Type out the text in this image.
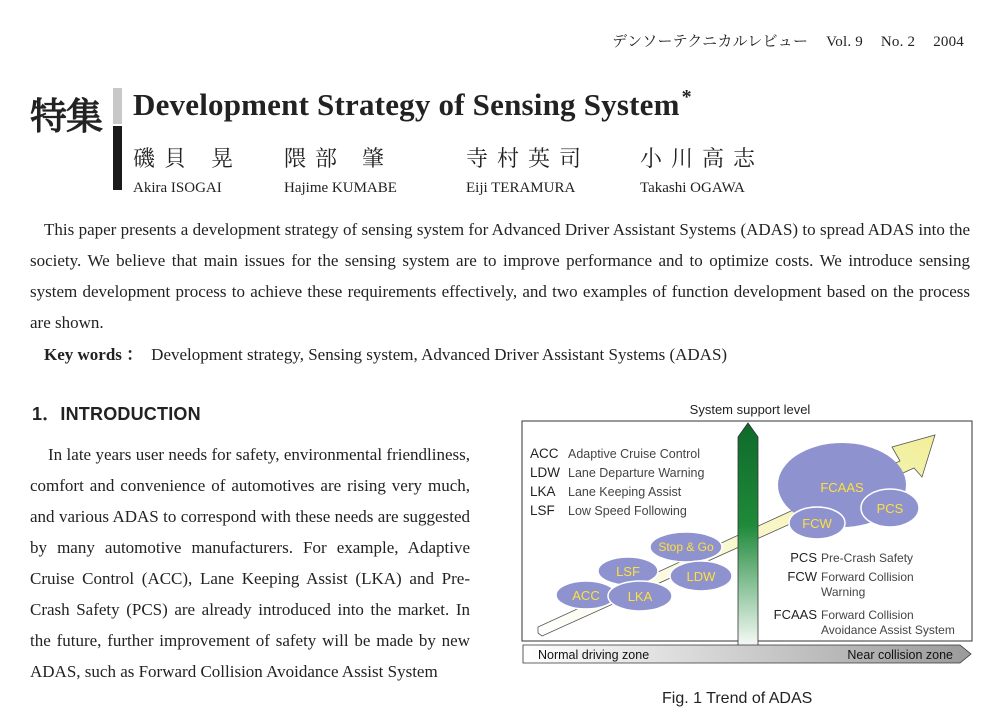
デンソーテクニカルレビュー Vol. 9 No. 2 2004
特集 Development Strategy of Sensing System *
磯貝 晃
Akira ISOGAI
隈部 肇
Hajime KUMABE
寺村英司
Eiji TERAMURA
小川高志
Takashi OGAWA
This paper presents a development strategy of sensing system for Advanced Driver Assistant Systems (ADAS) to spread ADAS into the society. We believe that main issues for the sensing system are to improve performance and to optimize costs. We introduce sensing system development process to achieve these requirements effectively, and two examples of function development based on the process are shown.
Key words ： Development strategy, Sensing system, Advanced Driver Assistant Systems (ADAS)
1．INTRODUCTION
In late years user needs for safety, environmental friendliness, comfort and convenience of automotives are rising very much, and various ADAS to correspond with these needs are suggested by many automotive manufacturers. For example, Adaptive Cruise Control (ACC), Lane Keeping Assist (LKA) and Pre-Crash Safety (PCS) are already introduced into the market. In the future, further improvement of safety will be made by new ADAS, such as Forward Collision Avoidance Assist System
System support level
Normal driving zone	Near collision zone
ACC Adaptive Cruise Control
LDW Lane Departure Warning
LKA Lane Keeping Assist
LSF Low Speed Following
FCAAS
PCS
FCW
Stop & Go
LDW
LSF
ACC LKA
PCS Pre-Crash Safety
FCW Forward Collision
Warning
FCAAS Forward Collision
Avoidance Assist System
Fig. 1 Trend of ADAS
